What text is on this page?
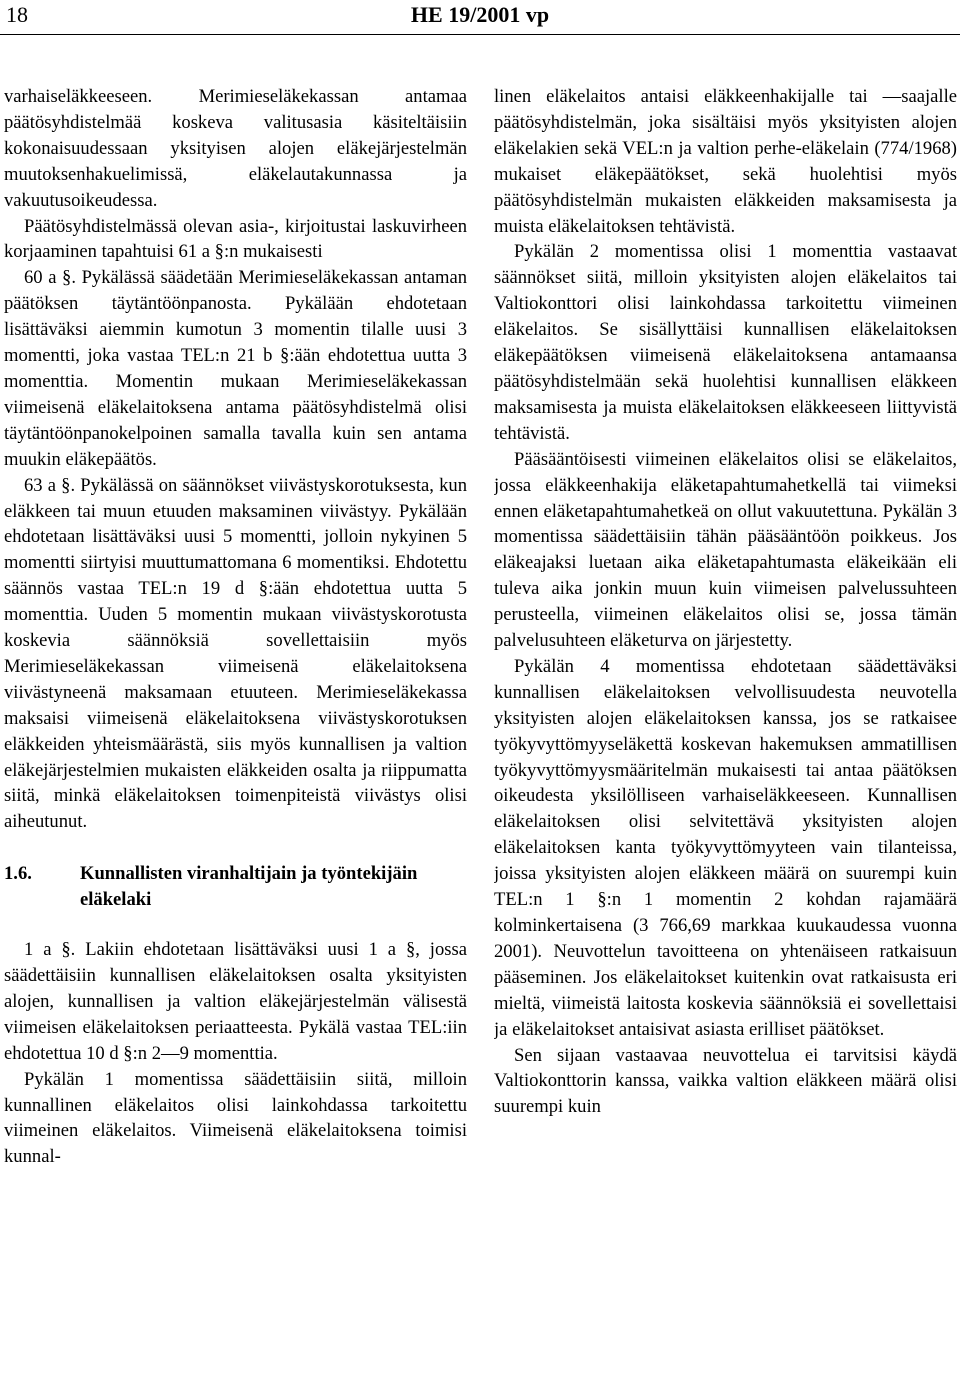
18	HE 19/2001 vp

varhaiseläkkeeseen. Merimieseläkekassan antamaa päätösyhdistelmää koskeva valitusasia käsiteltäisiin kokonaisuudessaan yksityisen alojen eläkejärjestelmän muutoksenhakuelimissä, eläkelautakunnassa ja vakuutusoikeudessa.

Päätösyhdistelmässä olevan asia-, kirjoitustai laskuvirheen korjaaminen tapahtuisi 61 a §:n mukaisesti

60 a §. Pykälässä säädetään Merimieseläkekassan antaman päätöksen täytäntöönpanosta. Pykälään ehdotetaan lisättäväksi aiemmin kumotun 3 momentin tilalle uusi 3 momentti, joka vastaa TEL:n 21 b §:ään ehdotettua uutta 3 momenttia. Momentin mukaan Merimieseläkekassan viimeisenä eläkelaitoksena antama päätösyhdistelmä olisi täytäntöönpanokelpoinen samalla tavalla kuin sen antama muukin eläkepäätös.

63 a §. Pykälässä on säännökset viivästyskorotuksesta, kun eläkkeen tai muun etuuden maksaminen viivästyy. Pykälään ehdotetaan lisättäväksi uusi 5 momentti, jolloin nykyinen 5 momentti siirtyisi muuttumattomana 6 momentiksi. Ehdotettu säännös vastaa TEL:n 19 d §:ään ehdotettua uutta 5 momenttia. Uuden 5 momentin mukaan viivästyskorotusta koskevia säännöksiä sovellettaisiin myös Merimieseläkekassan viimeisenä eläkelaitoksena viivästyneenä maksamaan etuuteen. Merimieseläkekassa maksaisi viimeisenä eläkelaitoksena viivästyskorotuksen eläkkeiden yhteismäärästä, siis myös kunnallisen ja valtion eläkejärjestelmien mukaisten eläkkeiden osalta ja riippumatta siitä, minkä eläkelaitoksen toimenpiteistä viivästys olisi aiheutunut.

1.6.	Kunnallisten viranhaltijain ja työntekijäin eläkelaki

1 a §. Lakiin ehdotetaan lisättäväksi uusi 1 a §, jossa säädettäisiin kunnallisen eläkelaitoksen osalta yksityisten alojen, kunnallisen ja valtion eläkejärjestelmän välisestä viimeisen eläkelaitoksen periaatteesta. Pykälä vastaa TEL:iin ehdotettua 10 d §:n 2—9 momenttia.

Pykälän 1 momentissa säädettäisiin siitä, milloin kunnallinen eläkelaitos olisi lainkohdassa tarkoitettu viimeinen eläkelaitos. Viimeisenä eläkelaitoksena toimisi kunnal-

linen eläkelaitos antaisi eläkkeenhakijalle tai —saajalle päätösyhdistelmän, joka sisältäisi myös yksityisten alojen eläkelakien sekä VEL:n ja valtion perhe-eläkelain (774/1968) mukaiset eläkepäätökset, sekä huolehtisi myös päätösyhdistelmän mukaisten eläkkeiden maksamisesta ja muista eläkelaitoksen tehtävistä.

Pykälän 2 momentissa olisi 1 momenttia vastaavat säännökset siitä, milloin yksityisten alojen eläkelaitos tai Valtiokonttori olisi lainkohdassa tarkoitettu viimeinen eläkelaitos. Se sisällyttäisi kunnallisen eläkelaitoksen eläkepäätöksen viimeisenä eläkelaitoksena antamaansa päätösyhdistelmään sekä huolehtisi kunnallisen eläkkeen maksamisesta ja muista eläkelaitoksen eläkkeeseen liittyvistä tehtävistä.

Pääsääntöisesti viimeinen eläkelaitos olisi se eläkelaitos, jossa eläkkeenhakija eläketapahtumahetkellä tai viimeksi ennen eläketapahtumahetkeä on ollut vakuutettuna. Pykälän 3 momentissa säädettäisiin tähän pääsääntöön poikkeus. Jos eläkeajaksi luetaan aika eläketapahtumasta eläkeikään eli tuleva aika jonkin muun kuin viimeisen palvelussuhteen perusteella, viimeinen eläkelaitos olisi se, jossa tämän palvelusuhteen eläketurva on järjestetty.

Pykälän 4 momentissa ehdotetaan säädettäväksi kunnallisen eläkelaitoksen velvollisuudesta neuvotella yksityisten alojen eläkelaitoksen kanssa, jos se ratkaisee työkyvyttömyyseläkettä koskevan hakemuksen ammatillisen työkyvyttömyysmääritelmän mukaisesti tai antaa päätöksen oikeudesta yksilölliseen varhaiseläkkeeseen. Kunnallisen eläkelaitoksen olisi selvitettävä yksityisten alojen eläkelaitoksen kanta työkyvyttömyyteen vain tilanteissa, joissa yksityisten alojen eläkkeen määrä on suurempi kuin TEL:n 1 §:n 1 momentin 2 kohdan rajamäärä kolminkertaisena (3 766,69 markkaa kuukaudessa vuonna 2001). Neuvottelun tavoitteena on yhtenäiseen ratkaisuun pääseminen. Jos eläkelaitokset kuitenkin ovat ratkaisusta eri mieltä, viimeistä laitosta koskevia säännöksiä ei sovellettaisi ja eläkelaitokset antaisivat asiasta erilliset päätökset.

Sen sijaan vastaavaa neuvottelua ei tarvitsisi käydä Valtiokonttorin kanssa, vaikka valtion eläkkeen määrä olisi suurempi kuin
